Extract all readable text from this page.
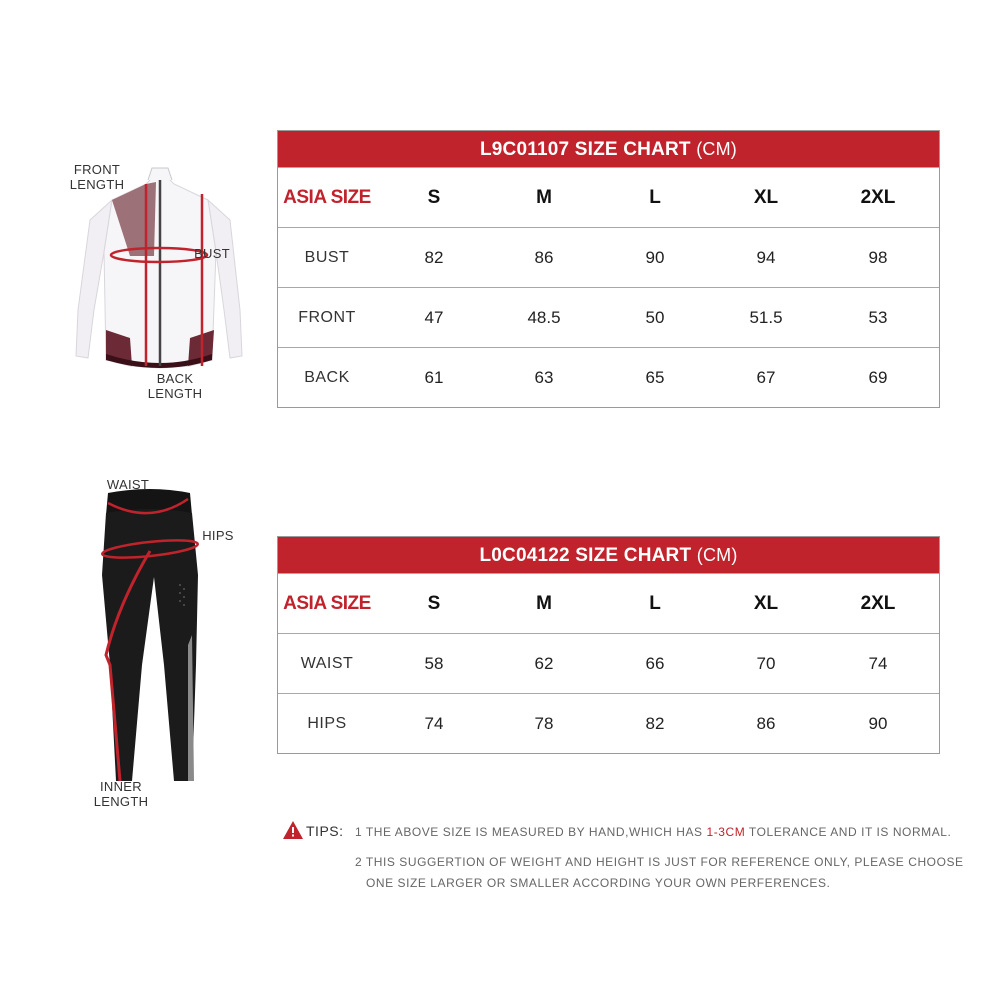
FRONT
LENGTH
BUST
BACK
LENGTH
WAIST
HIPS
INNER
LENGTH
L9C01107 SIZE CHART (CM)
ASIA SIZE	S	M	L	XL	2XL
BUST	82	86	90	94	98
FRONT	47	48.5	50	51.5	53
BACK	61	63	65	67	69
L0C04122 SIZE CHART (CM)
ASIA SIZE	S	M	L	XL	2XL
WAIST	58	62	66	70	74
HIPS	74	78	82	86	90
TIPS: 1 THE ABOVE SIZE IS MEASURED BY HAND,WHICH HAS 1-3CM TOLERANCE AND IT IS NORMAL.
2 THIS SUGGERTION OF WEIGHT AND HEIGHT IS JUST FOR REFERENCE ONLY, PLEASE CHOOSE
ONE SIZE LARGER OR SMALLER ACCORDING YOUR OWN PERFERENCES.
